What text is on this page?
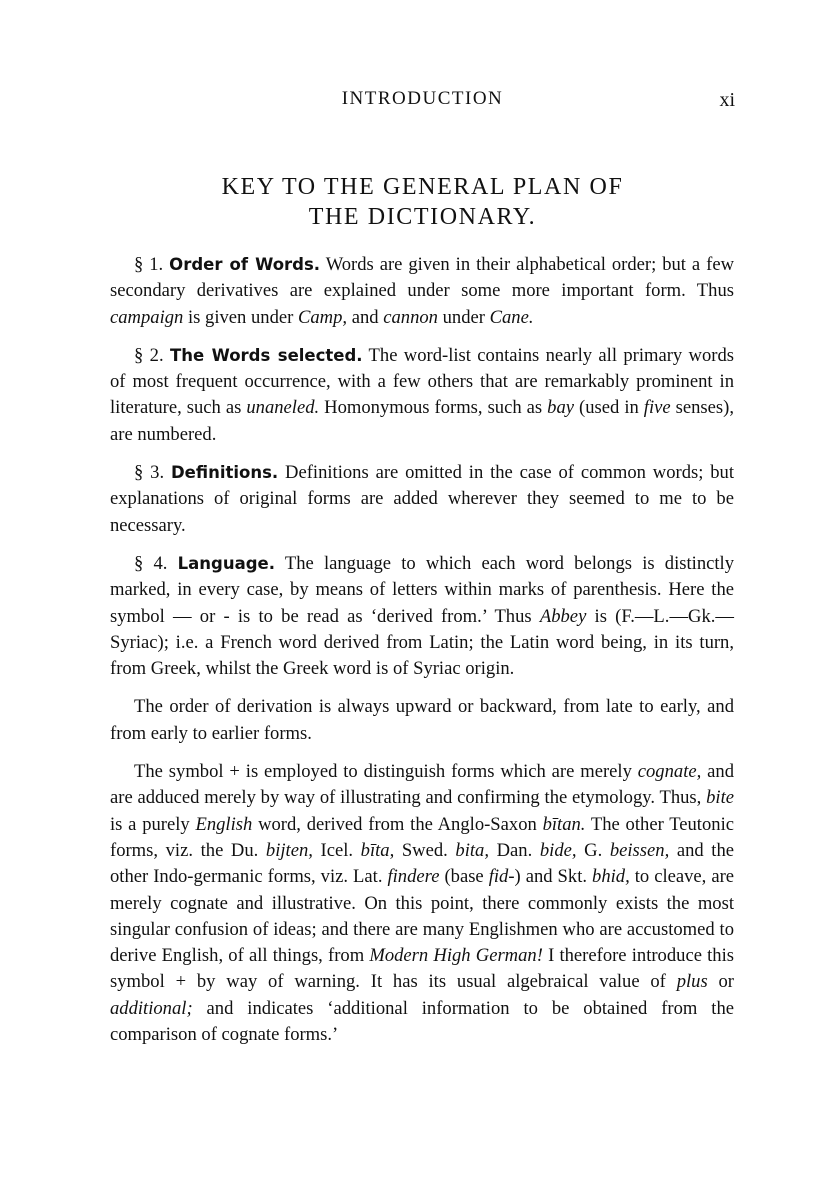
INTRODUCTION	xi
KEY TO THE GENERAL PLAN OF
THE DICTIONARY.

§ 1. Order of Words. Words are given in their alphabetical order; but a few secondary derivatives are explained under some more important form. Thus campaign is given under Camp, and cannon under Cane.

§ 2. The Words selected. The word-list contains nearly all primary words of most frequent occurrence, with a few others that are remarkably prominent in literature, such as unaneled. Homonymous forms, such as bay (used in five senses), are numbered.

§ 3. Definitions. Definitions are omitted in the case of common words; but explanations of original forms are added wherever they seemed to me to be necessary.

§ 4. Language. The language to which each word belongs is distinctly marked, in every case, by means of letters within marks of parenthesis. Here the symbol — or ‐ is to be read as ‘derived from.’ Thus Abbey is (F.—L.—Gk.—Syriac); i.e. a French word derived from Latin; the Latin word being, in its turn, from Greek, whilst the Greek word is of Syriac origin.

The order of derivation is always upward or backward, from late to early, and from early to earlier forms.

The symbol + is employed to distinguish forms which are merely cognate, and are adduced merely by way of illustrating and confirming the etymology. Thus, bite is a purely English word, derived from the Anglo-Saxon bītan. The other Teutonic forms, viz. the Du. bijten, Icel. bīta, Swed. bita, Dan. bide, G. beissen, and the other Indo-germanic forms, viz. Lat. findere (base fid-) and Skt. bhid, to cleave, are merely cognate and illustrative. On this point, there commonly exists the most singular confusion of ideas; and there are many Englishmen who are accustomed to derive English, of all things, from Modern High German! I therefore introduce this symbol + by way of warning. It has its usual algebraical value of plus or additional; and indicates ‘additional information to be obtained from the comparison of cognate forms.’
